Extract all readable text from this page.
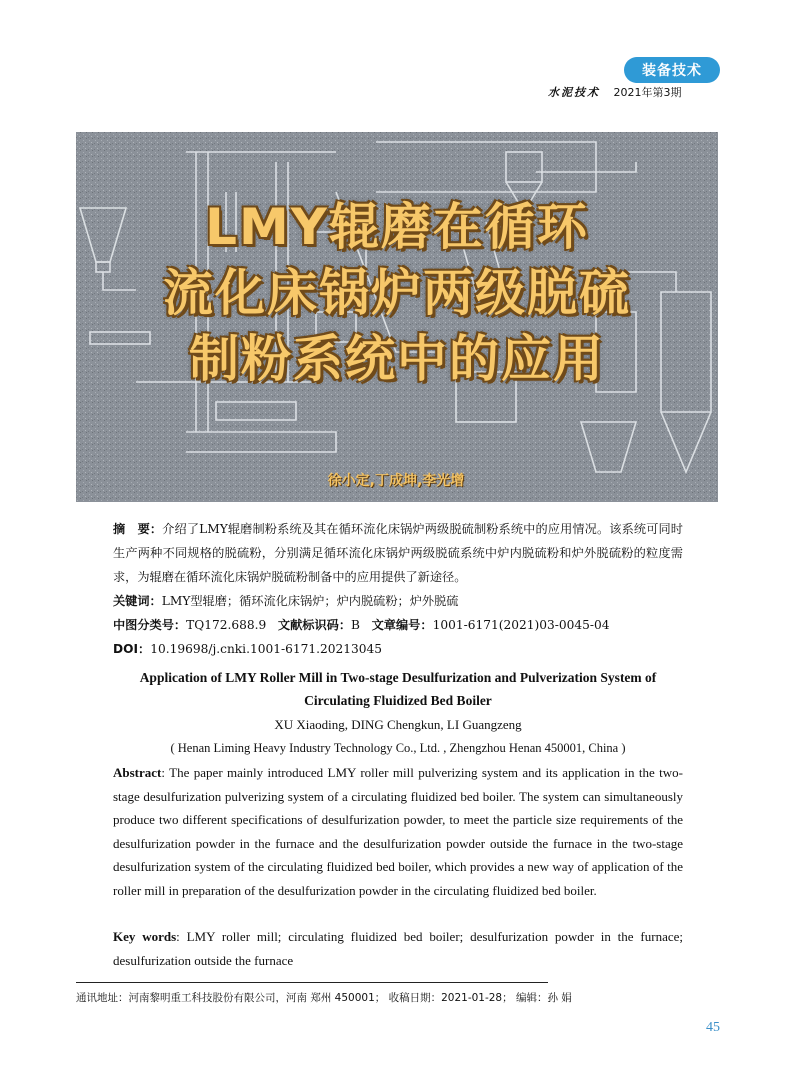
装备技术
水泥技术 2021年第3期
LMY辊磨在循环
流化床锅炉两级脱硫
制粉系统中的应用
徐小定,丁成坤,李光增

摘　要：介绍了LMY辊磨制粉系统及其在循环流化床锅炉两级脱硫制粉系统中的应用情况。该系统可同时生产两种不同规格的脱硫粉，分别满足循环流化床锅炉两级脱硫系统中炉内脱硫粉和炉外脱硫粉的粒度需求，为辊磨在循环流化床锅炉脱硫粉制备中的应用提供了新途径。

关键词：LMY型辊磨；循环流化床锅炉；炉内脱硫粉；炉外脱硫

中图分类号：TQ172.688.9 文献标识码：B 文章编号：1001-6171(2021)03-0045-04

DOI：10.19698/j.cnki.1001-6171.20213045

Application of LMY Roller Mill in Two-stage Desulfurization and Pulverization System of Circulating Fluidized Bed Boiler
XU Xiaoding, DING Chengkun, LI Guangzeng
( Henan Liming Heavy Industry Technology Co., Ltd. , Zhengzhou Henan 450001, China )
Abstract: The paper mainly introduced LMY roller mill pulverizing system and its application in the two-stage desulfurization pulverizing system of a circulating fluidized bed boiler. The system can simultaneously produce two different specifications of desulfurization powder, to meet the particle size requirements of the desulfurization powder in the furnace and the desulfurization powder outside the furnace in the two-stage desulfurization system of the circulating fluidized bed boiler, which provides a new way of application of the roller mill in preparation of the desulfurization powder in the circulating fluidized bed boiler.
Key words: LMY roller mill; circulating fluidized bed boiler; desulfurization powder in the furnace; desulfurization outside the furnace
通讯地址：河南黎明重工科技股份有限公司，河南 郑州 450001； 收稿日期：2021-01-28； 编辑：孙 娟
45
